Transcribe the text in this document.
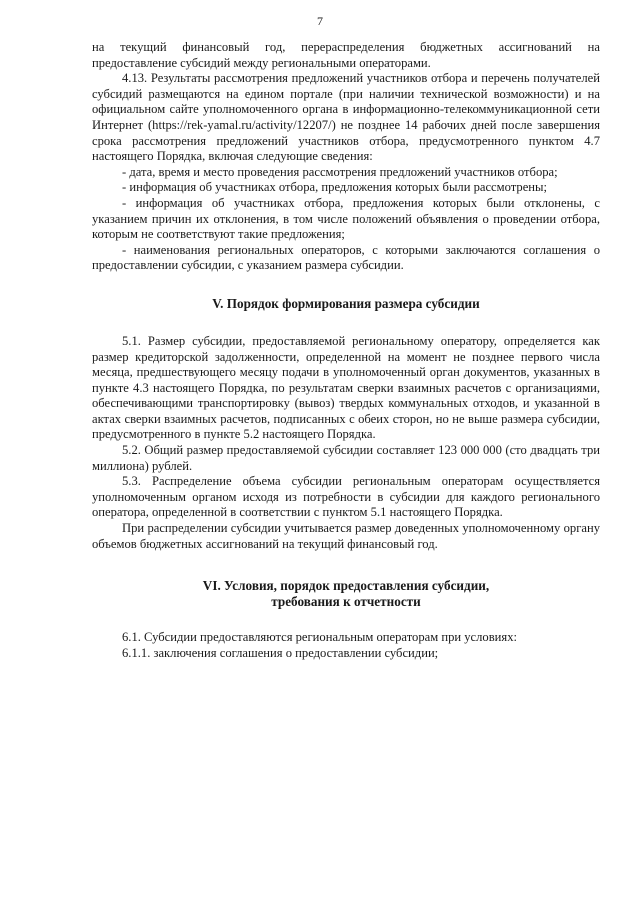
7

на текущий финансовый год, перераспределения бюджетных ассигнований на предоставление субсидий между региональными операторами.

4.13. Результаты рассмотрения предложений участников отбора и перечень получателей субсидий размещаются на едином портале (при наличии технической возможности) и на официальном сайте уполномоченного органа в информационно-телекоммуникационной сети Интернет (https://rek-yamal.ru/activity/12207/) не позднее 14 рабочих дней после завершения срока рассмотрения предложений участников отбора, предусмотренного пунктом 4.7 настоящего Порядка, включая следующие сведения:

- дата, время и место проведения рассмотрения предложений участников отбора;

- информация об участниках отбора, предложения которых были рассмотрены;

- информация об участниках отбора, предложения которых были отклонены, с указанием причин их отклонения, в том числе положений объявления о проведении отбора, которым не соответствуют такие предложения;

- наименования региональных операторов, с которыми заключаются соглашения о предоставлении субсидии, с указанием размера субсидии.

V. Порядок формирования размера субсидии

5.1. Размер субсидии, предоставляемой региональному оператору, определяется как размер кредиторской задолженности, определенной на момент не позднее первого числа месяца, предшествующего месяцу подачи в уполномоченный орган документов, указанных в пункте 4.3 настоящего Порядка, по результатам сверки взаимных расчетов с организациями, обеспечивающими транспортировку (вывоз) твердых коммунальных отходов, и указанной в актах сверки взаимных расчетов, подписанных с обеих сторон, но не выше размера субсидии, предусмотренного в пункте 5.2 настоящего Порядка.

5.2. Общий размер предоставляемой субсидии составляет 123 000 000 (сто двадцать три миллиона) рублей.

5.3. Распределение объема субсидии региональным операторам осуществляется уполномоченным органом исходя из потребности в субсидии для каждого регионального оператора, определенной в соответствии с пунктом 5.1 настоящего Порядка.

При распределении субсидии учитывается размер доведенных уполномоченному органу объемов бюджетных ассигнований на текущий финансовый год.

VI. Условия, порядок предоставления субсидии,
требования к отчетности

6.1. Субсидии предоставляются региональным операторам при условиях:

6.1.1. заключения соглашения о предоставлении субсидии;
